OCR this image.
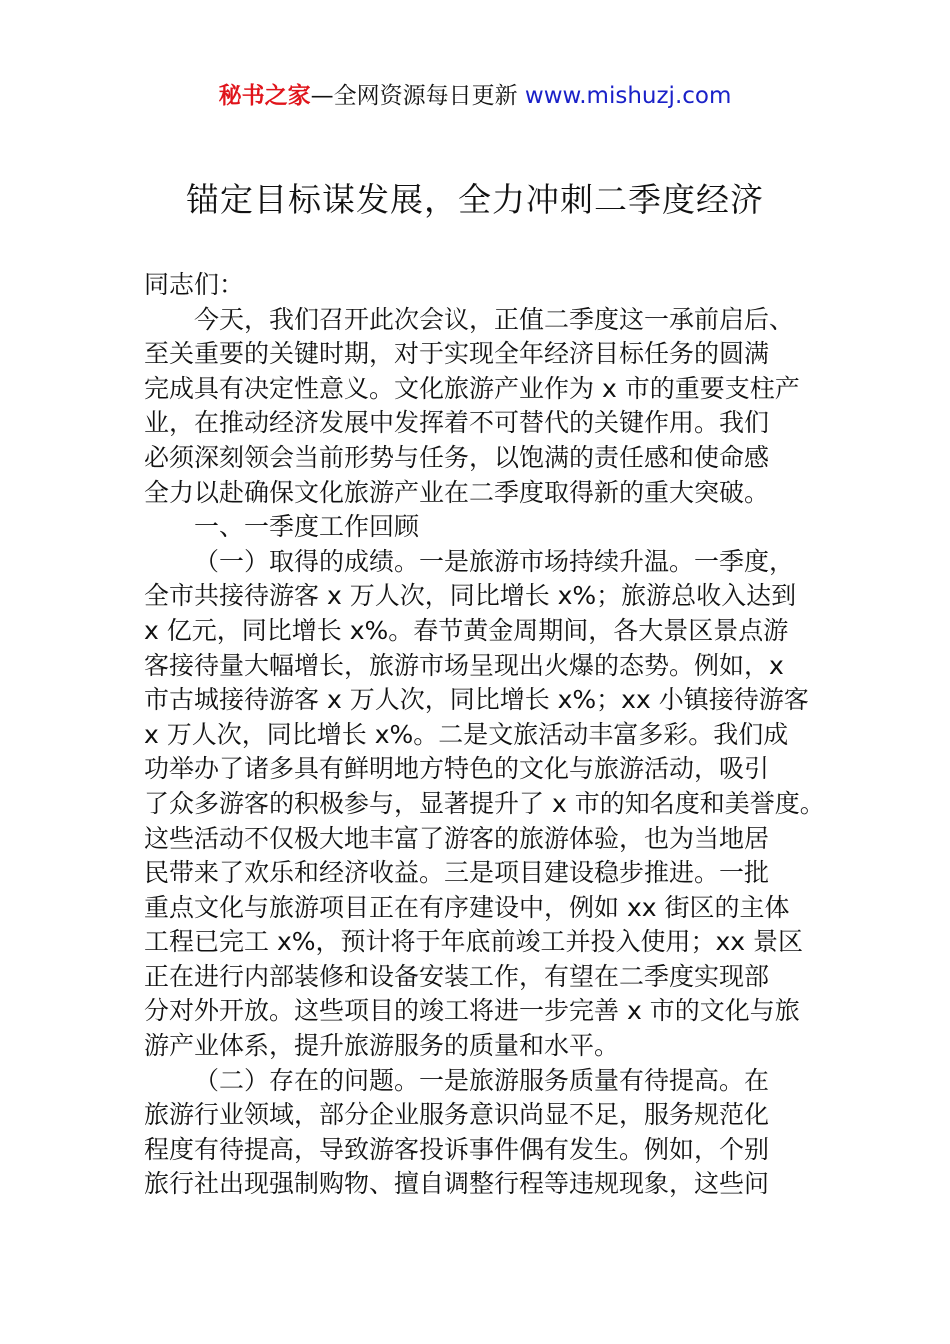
秘书之家—全网资源每日更新 www.mishuzj.com
锚定目标谋发展，全力冲刺二季度经济
同志们：
今天，我们召开此次会议，正值二季度这一承前启后、
至关重要的关键时期，对于实现全年经济目标任务的圆满
完成具有决定性意义。文化旅游产业作为 x 市的重要支柱产
业，在推动经济发展中发挥着不可替代的关键作用。我们
必须深刻领会当前形势与任务，以饱满的责任感和使命感
全力以赴确保文化旅游产业在二季度取得新的重大突破。
一、一季度工作回顾
（一）取得的成绩。一是旅游市场持续升温。一季度，
全市共接待游客 x 万人次，同比增长 x%；旅游总收入达到
x 亿元，同比增长 x%。春节黄金周期间，各大景区景点游
客接待量大幅增长，旅游市场呈现出火爆的态势。例如，x
市古城接待游客 x 万人次，同比增长 x%；xx 小镇接待游客
x 万人次，同比增长 x%。二是文旅活动丰富多彩。我们成
功举办了诸多具有鲜明地方特色的文化与旅游活动，吸引
了众多游客的积极参与，显著提升了 x 市的知名度和美誉度。
这些活动不仅极大地丰富了游客的旅游体验，也为当地居
民带来了欢乐和经济收益。三是项目建设稳步推进。一批
重点文化与旅游项目正在有序建设中，例如 xx 街区的主体
工程已完工 x%，预计将于年底前竣工并投入使用；xx 景区
正在进行内部装修和设备安装工作，有望在二季度实现部
分对外开放。这些项目的竣工将进一步完善 x 市的文化与旅
游产业体系，提升旅游服务的质量和水平。
（二）存在的问题。一是旅游服务质量有待提高。在
旅游行业领域，部分企业服务意识尚显不足，服务规范化
程度有待提高，导致游客投诉事件偶有发生。例如，个别
旅行社出现强制购物、擅自调整行程等违规现象，这些问
